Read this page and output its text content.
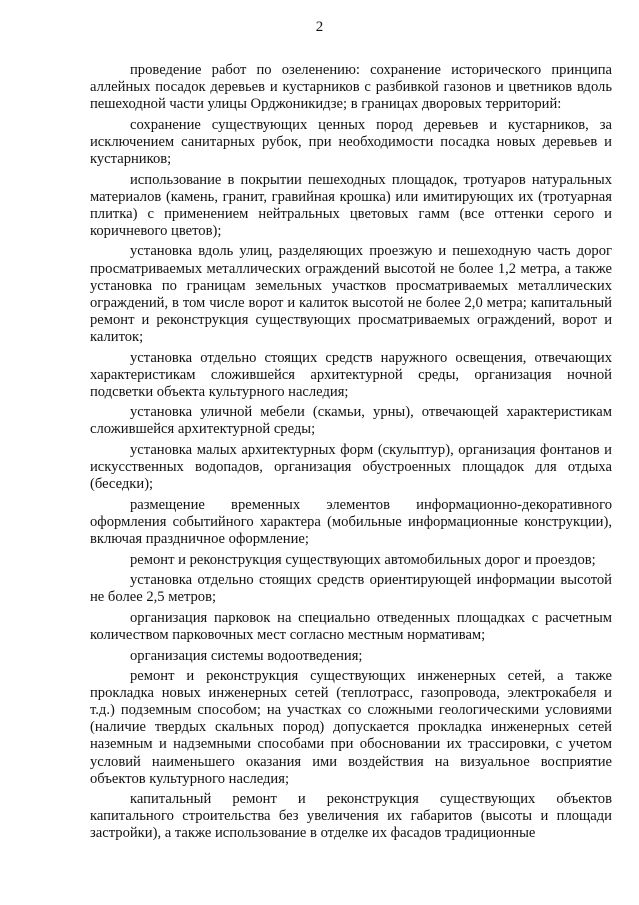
2

проведение работ по озеленению: сохранение исторического принципа аллейных посадок деревьев и кустарников с разбивкой газонов и цветников вдоль пешеходной части улицы Орджоникидзе; в границах дворовых территорий:

сохранение существующих ценных пород деревьев и кустарников, за исключением санитарных рубок, при необходимости посадка новых деревьев и кустарников;

использование в покрытии пешеходных площадок, тротуаров натуральных материалов (камень, гранит, гравийная крошка) или имитирующих их (тротуарная плитка) с применением нейтральных цветовых гамм (все оттенки серого и коричневого цветов);

установка вдоль улиц, разделяющих проезжую и пешеходную часть дорог просматриваемых металлических ограждений высотой не более 1,2 метра, а также установка по границам земельных участков просматриваемых металлических ограждений, в том числе ворот и калиток высотой не более 2,0 метра; капитальный ремонт и реконструкция существующих просматриваемых ограждений, ворот и калиток;

установка отдельно стоящих средств наружного освещения, отвечающих характеристикам сложившейся архитектурной среды, организация ночной подсветки объекта культурного наследия;

установка уличной мебели (скамьи, урны), отвечающей характеристикам сложившейся архитектурной среды;

установка малых архитектурных форм (скульптур), организация фонтанов и искусственных водопадов, организация обустроенных площадок для отдыха (беседки);

размещение временных элементов информационно-декоративного оформления событийного характера (мобильные информационные конструкции), включая праздничное оформление;

ремонт и реконструкция существующих автомобильных дорог и проездов;

установка отдельно стоящих средств ориентирующей информации высотой не более 2,5 метров;

организация парковок на специально отведенных площадках с расчетным количеством парковочных мест согласно местным нормативам;

организация системы водоотведения;

ремонт и реконструкция существующих инженерных сетей, а также прокладка новых инженерных сетей (теплотрасс, газопровода, электрокабеля и т.д.) подземным способом; на участках со сложными геологическими условиями (наличие твердых скальных пород) допускается прокладка инженерных сетей наземным и надземными способами при обосновании их трассировки, с учетом условий наименьшего оказания ими воздействия на визуальное восприятие объектов культурного наследия;

капитальный ремонт и реконструкция существующих объектов капитального строительства без увеличения их габаритов (высоты и площади застройки), а также использование в отделке их фасадов традиционные
